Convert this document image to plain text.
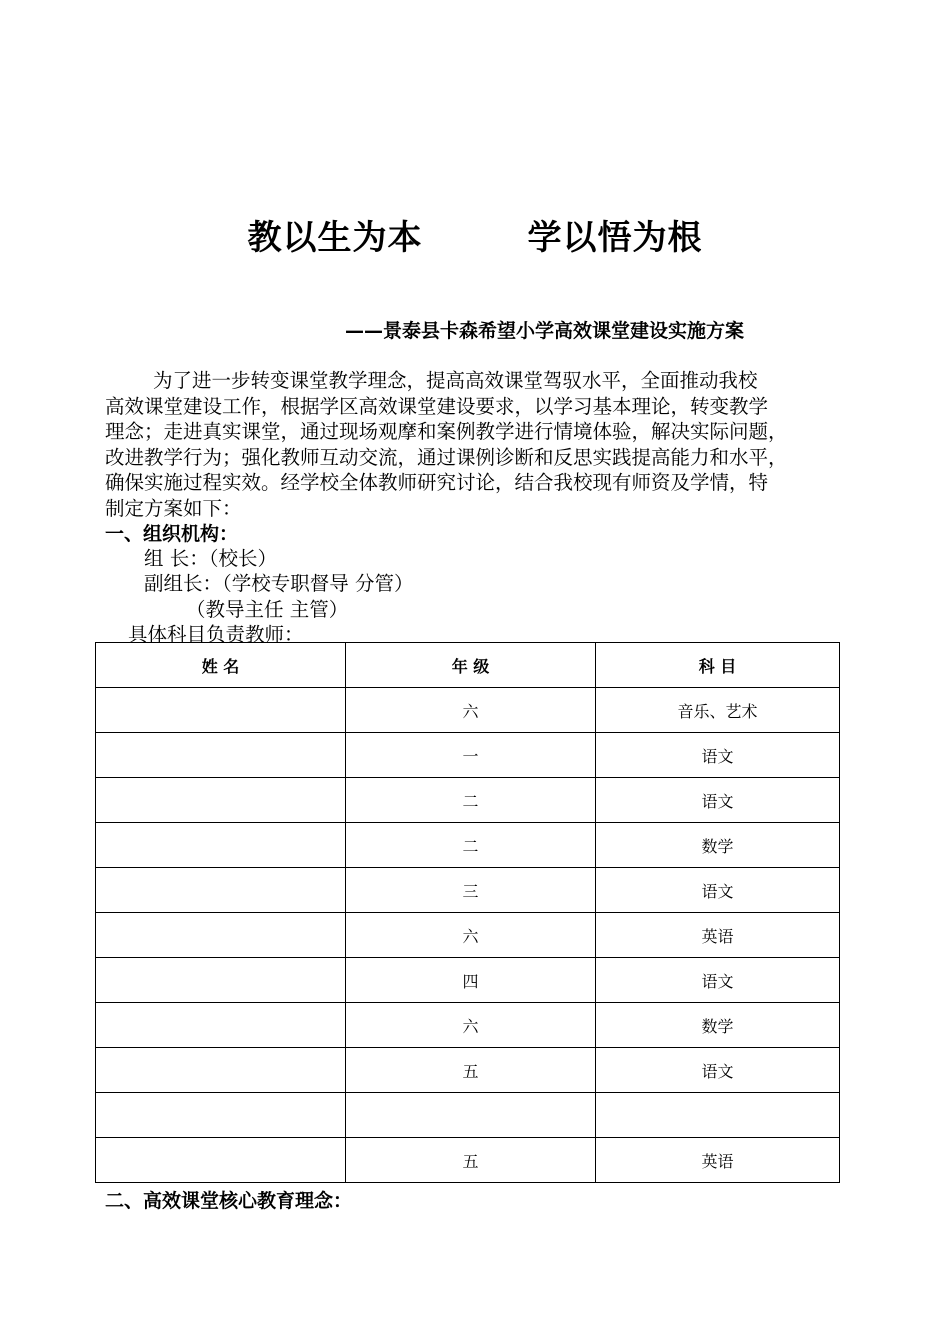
教以生为本	学以悟为根
——景泰县卡森希望小学高效课堂建设实施方案
为了进一步转变课堂教学理念，提高高效课堂驾驭水平，全面推动我校
高效课堂建设工作，根据学区高效课堂建设要求，以学习基本理论，转变教学
理念；走进真实课堂，通过现场观摩和案例教学进行情境体验，解决实际问题，
改进教学行为；强化教师互动交流，通过课例诊断和反思实践提高能力和水平，
确保实施过程实效。经学校全体教师研究讨论，结合我校现有师资及学情，特
制定方案如下：
一、组织机构：
组 长：（校长）
副组长：（学校专职督导 分管）
（教导主任 主管）
具体科目负责教师：
姓 名	年 级	科 目
	六	音乐、艺术
	一	语文
	二	语文
	二	数学
	三	语文
	六	英语
	四	语文
	六	数学
	五	语文

	五	英语
二、高效课堂核心教育理念：
